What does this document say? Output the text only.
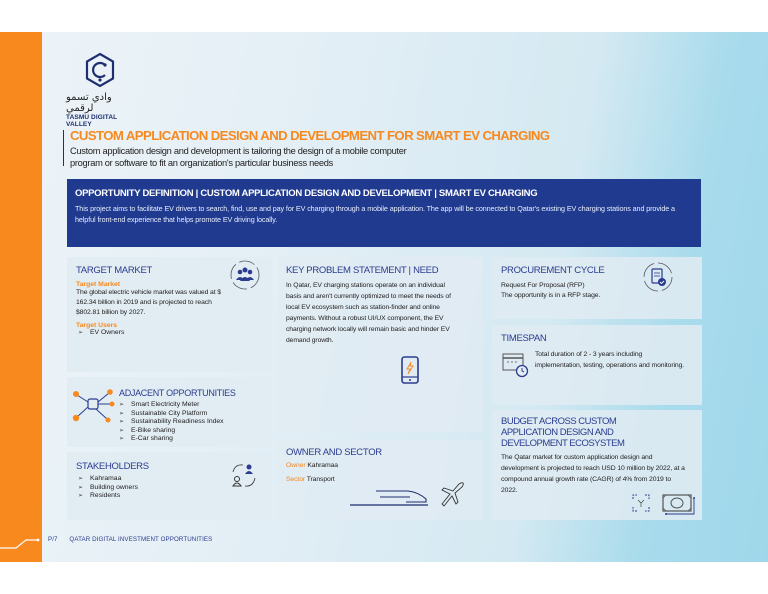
وادي تسمو لرقمي
TASMU DIGITAL VALLEY
CUSTOM APPLICATION DESIGN AND DEVELOPMENT FOR SMART EV CHARGING
Custom application design and development is tailoring the design of a mobile computer
program or software to fit an organization's particular business needs
OPPORTUNITY DEFINITION | CUSTOM APPLICATION DESIGN AND DEVELOPMENT | SMART EV CHARGING
This project aims to facilitate EV drivers to search, find, use and pay for EV charging through a mobile application. The app will be connected to Qatar's existing EV charging stations and provide a helpful front-end experience that helps promote EV driving locally.
TARGET MARKET
Target Market
The global electric vehicle market was valued at $ 162.34 billion in 2019 and is projected to reach $802.81 billion by 2027.
Target Users
➢ EV Owners
ADJACENT OPPORTUNITIES
➢ Smart Electricity Meter
➢ Sustainable City Platform
➢ Sustainability Readiness Index
➢ E-Bike sharing
➢ E-Car sharing
STAKEHOLDERS
➢ Kahramaa
➢ Building owners
➢ Residents
KEY PROBLEM STATEMENT | NEED
In Qatar, EV charging stations operate on an individual basis and aren't currently optimized to meet the needs of local EV ecosystem such as station-finder and online payments. Without a robust UI/UX component, the EV charging network locally will remain basic and hinder EV demand growth.
OWNER AND SECTOR
Owner Kahramaa
Sector Transport
PROCUREMENT CYCLE
Request For Proposal (RFP)
The opportunity is in a RFP stage.
TIMESPAN
Total duration of 2 - 3 years including implementation, testing, operations and monitoring.
BUDGET ACROSS CUSTOM
APPLICATION DESIGN AND
DEVELOPMENT ECOSYSTEM
The Qatar market for custom application design and development is projected to reach USD 10 million by 2022, at a compound annual growth rate (CAGR) of 4% from 2019 to 2022.
P/7 QATAR DIGITAL INVESTMENT OPPORTUNITIES
